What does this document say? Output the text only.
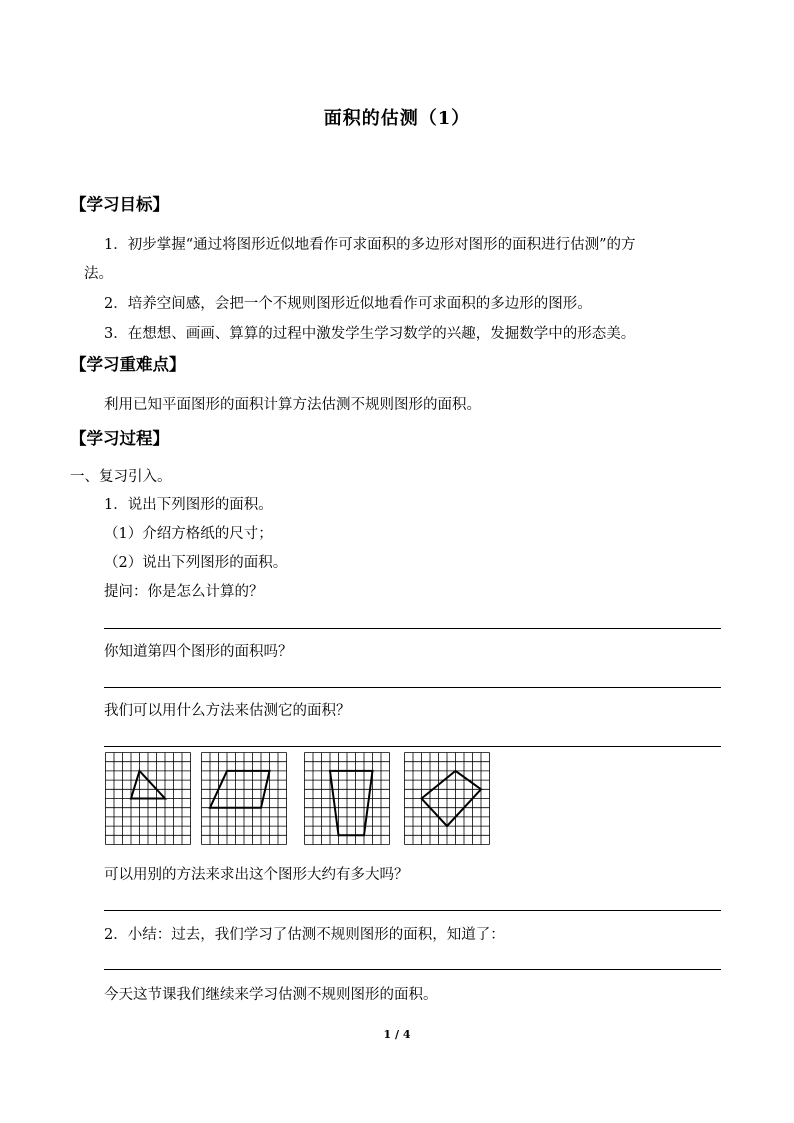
面积的估测（1）
【学习目标】
1．初步掌握“通过将图形近似地看作可求面积的多边形对图形的面积进行估测”的方
法。
2．培养空间感，会把一个不规则图形近似地看作可求面积的多边形的图形。
3．在想想、画画、算算的过程中激发学生学习数学的兴趣，发掘数学中的形态美。
【学习重难点】
利用已知平面图形的面积计算方法估测不规则图形的面积。
【学习过程】
一、复习引入。
1．说出下列图形的面积。
（1）介绍方格纸的尺寸；
（2）说出下列图形的面积。
提问：你是怎么计算的？
你知道第四个图形的面积吗？
我们可以用什么方法来估测它的面积？
可以用别的方法来求出这个图形大约有多大吗？
2．小结：过去，我们学习了估测不规则图形的面积，知道了：
今天这节课我们继续来学习估测不规则图形的面积。
1 / 4
